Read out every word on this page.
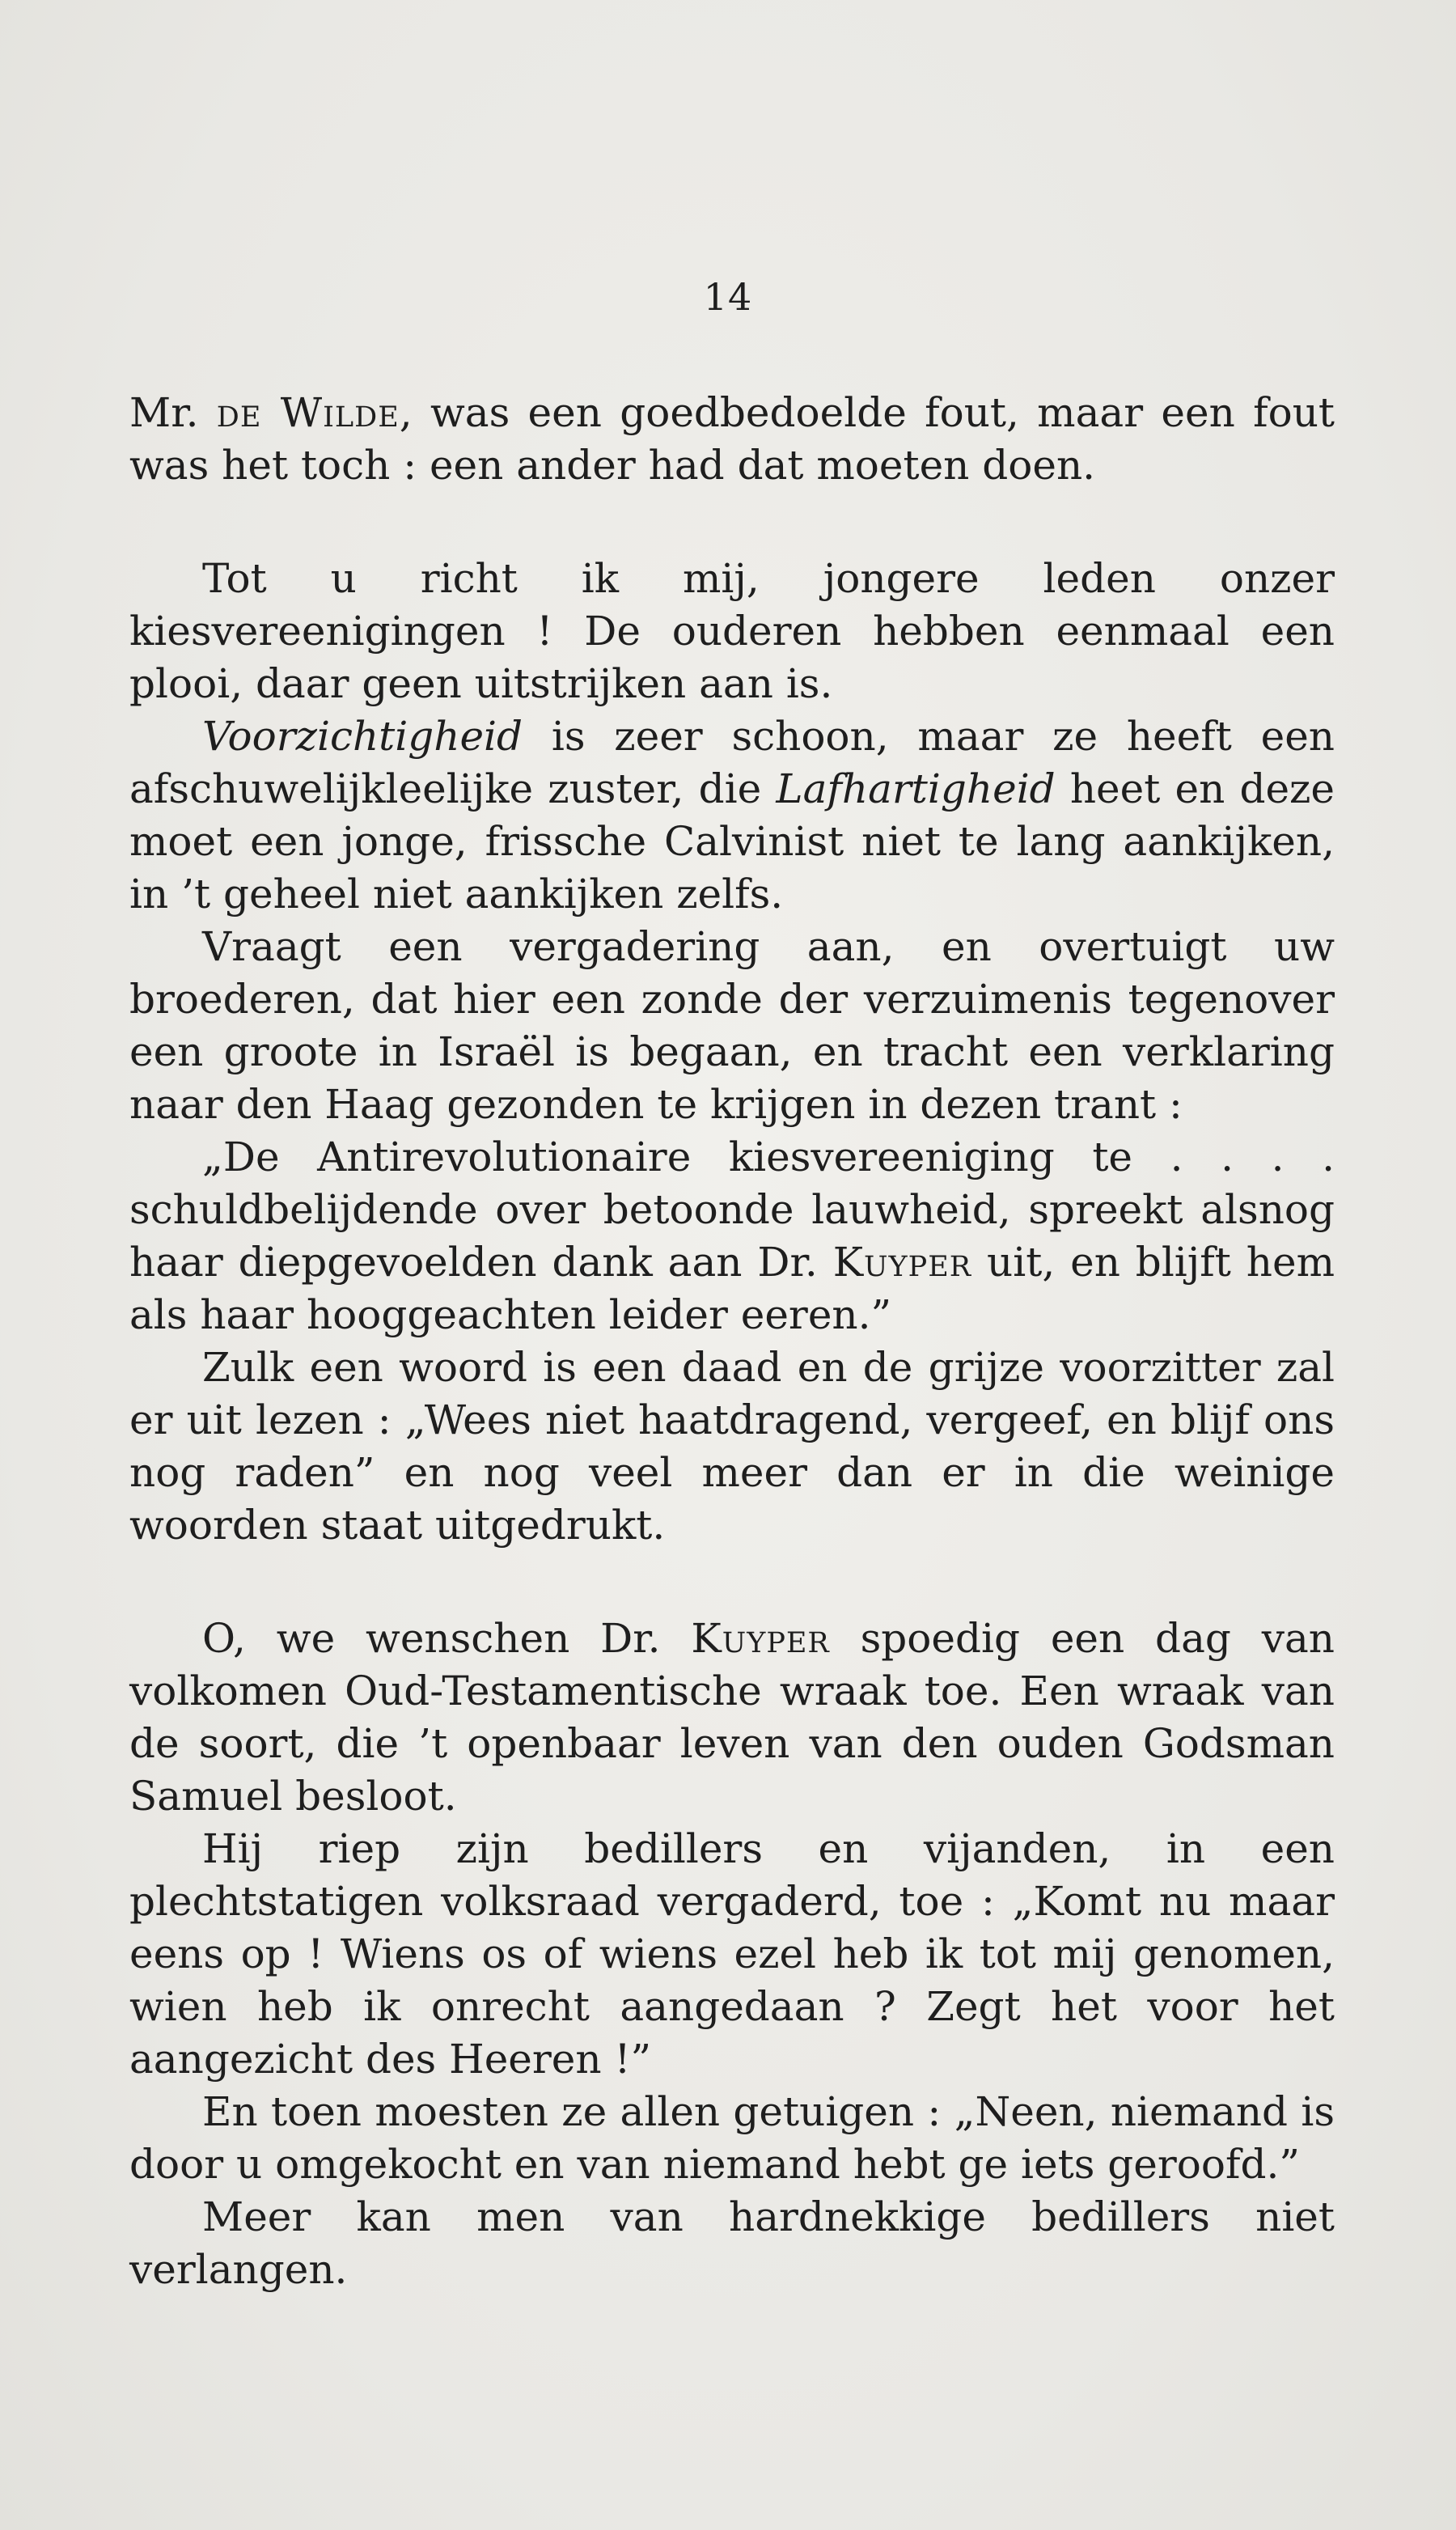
14

Mr. de Wilde, was een goedbedoelde fout, maar een fout was het toch : een ander had dat moeten doen.

Tot u richt ik mij, jongere leden onzer kiesvereenigingen ! De ouderen hebben eenmaal een plooi, daar geen uitstrijken aan is.

Voorzichtigheid is zeer schoon, maar ze heeft een afschuwelijkleelijke zuster, die Lafhartigheid heet en deze moet een jonge, frissche Calvinist niet te lang aankijken, in ’t geheel niet aankijken zelfs.

Vraagt een vergadering aan, en overtuigt uw broederen, dat hier een zonde der verzuimenis tegenover een groote in Israël is begaan, en tracht een verklaring naar den Haag gezonden te krijgen in dezen trant :

„De Antirevolutionaire kiesvereeniging te . . . . schuldbelijdende over betoonde lauwheid, spreekt alsnog haar diepgevoelden dank aan Dr. Kuyper uit, en blijft hem als haar hooggeachten leider eeren.”

Zulk een woord is een daad en de grijze voorzitter zal er uit lezen : „Wees niet haatdragend, vergeef, en blijf ons nog raden” en nog veel meer dan er in die weinige woorden staat uitgedrukt.

O, we wenschen Dr. Kuyper spoedig een dag van volkomen Oud-Testamentische wraak toe. Een wraak van de soort, die ’t openbaar leven van den ouden Godsman Samuel besloot.

Hij riep zijn bedillers en vijanden, in een plechtstatigen volksraad vergaderd, toe : „Komt nu maar eens op ! Wiens os of wiens ezel heb ik tot mij genomen, wien heb ik onrecht aangedaan ? Zegt het voor het aangezicht des Heeren !”

En toen moesten ze allen getuigen : „Neen, niemand is door u omgekocht en van niemand hebt ge iets geroofd.”

Meer kan men van hardnekkige bedillers niet verlangen.
